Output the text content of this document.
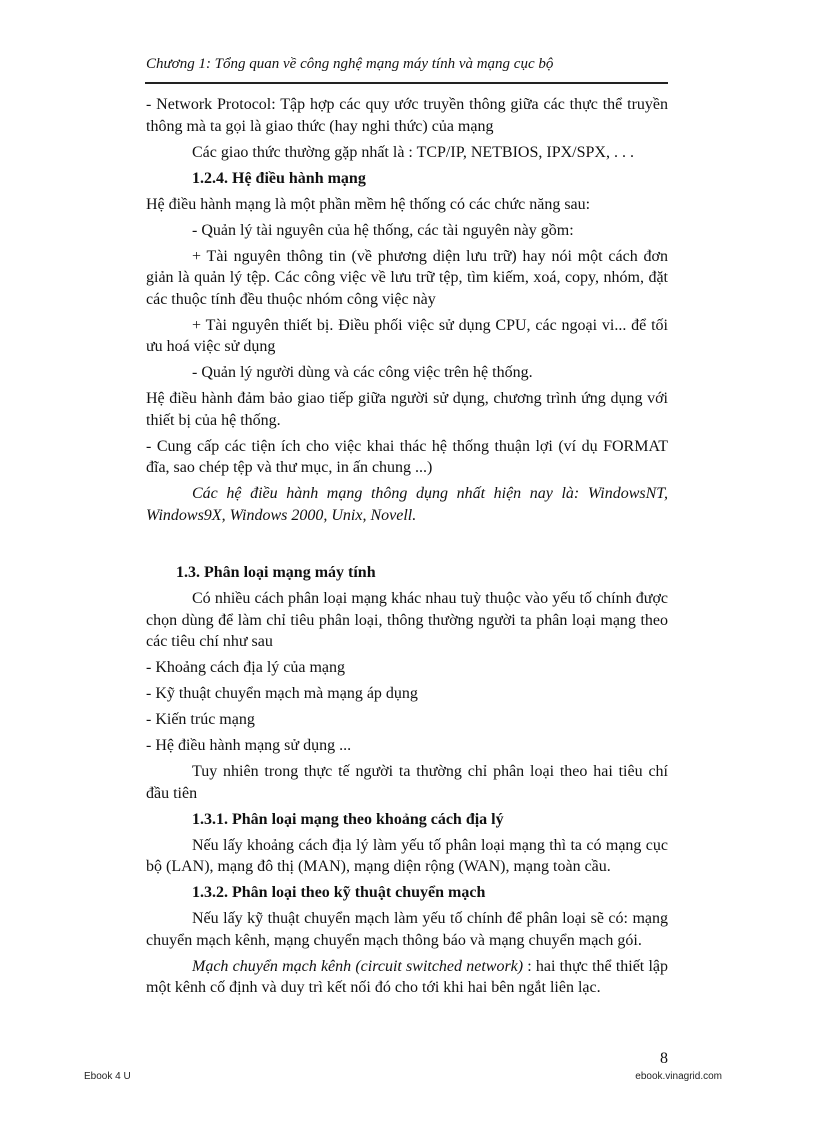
Chương 1: Tổng quan về công nghệ mạng máy tính và mạng cục bộ

- Network Protocol: Tập hợp các quy ước truyền thông giữa các thực thể truyền thông mà ta gọi là giao thức (hay nghi thức) của mạng

Các giao thức thường gặp nhất là : TCP/IP, NETBIOS, IPX/SPX, . . .

1.2.4. Hệ điều hành mạng

Hệ điều hành mạng là một phần mềm hệ thống có các chức năng sau:

- Quản lý tài nguyên của hệ thống, các tài nguyên này gồm:

+ Tài nguyên thông tin (về phương diện lưu trữ) hay nói một cách đơn giản là quản lý tệp. Các công việc về lưu trữ tệp, tìm kiếm, xoá, copy, nhóm, đặt các thuộc tính đều thuộc nhóm công việc này

+ Tài nguyên thiết bị. Điều phối việc sử dụng CPU, các ngoại vi... để tối ưu hoá việc sử dụng

- Quản lý người dùng và các công việc trên hệ thống.

Hệ điều hành đảm bảo giao tiếp giữa người sử dụng, chương trình ứng dụng với thiết bị của hệ thống.

- Cung cấp các tiện ích cho việc khai thác hệ thống thuận lợi (ví dụ FORMAT đĩa, sao chép tệp và thư mục, in ấn chung ...)

Các hệ điều hành mạng thông dụng nhất hiện nay là: WindowsNT, Windows9X, Windows 2000, Unix, Novell.

1.3. Phân loại mạng máy tính

Có nhiều cách phân loại mạng khác nhau tuỳ thuộc vào yếu tố chính được chọn dùng để làm chỉ tiêu phân loại, thông thường người ta phân loại mạng theo các tiêu chí như sau

- Khoảng cách địa lý của mạng

- Kỹ thuật chuyển mạch mà mạng áp dụng

- Kiến trúc mạng

- Hệ điều hành mạng sử dụng ...

Tuy nhiên trong thực tế người ta thường chỉ phân loại theo hai tiêu chí đầu tiên

1.3.1. Phân loại mạng theo khoảng cách địa lý

Nếu lấy khoảng cách địa lý làm yếu tố phân loại mạng thì ta có mạng cục bộ (LAN), mạng đô thị (MAN), mạng diện rộng (WAN), mạng toàn cầu.

1.3.2. Phân loại theo kỹ thuật chuyển mạch

Nếu lấy kỹ thuật chuyển mạch làm yếu tố chính để phân loại sẽ có: mạng chuyển mạch kênh, mạng chuyển mạch thông báo và mạng chuyển mạch gói.

Mạch chuyển mạch kênh (circuit switched network) : hai thực thể thiết lập một kênh cố định và duy trì kết nối đó cho tới khi hai bên ngắt liên lạc.

8
Ebook 4 U	ebook.vinagrid.com
